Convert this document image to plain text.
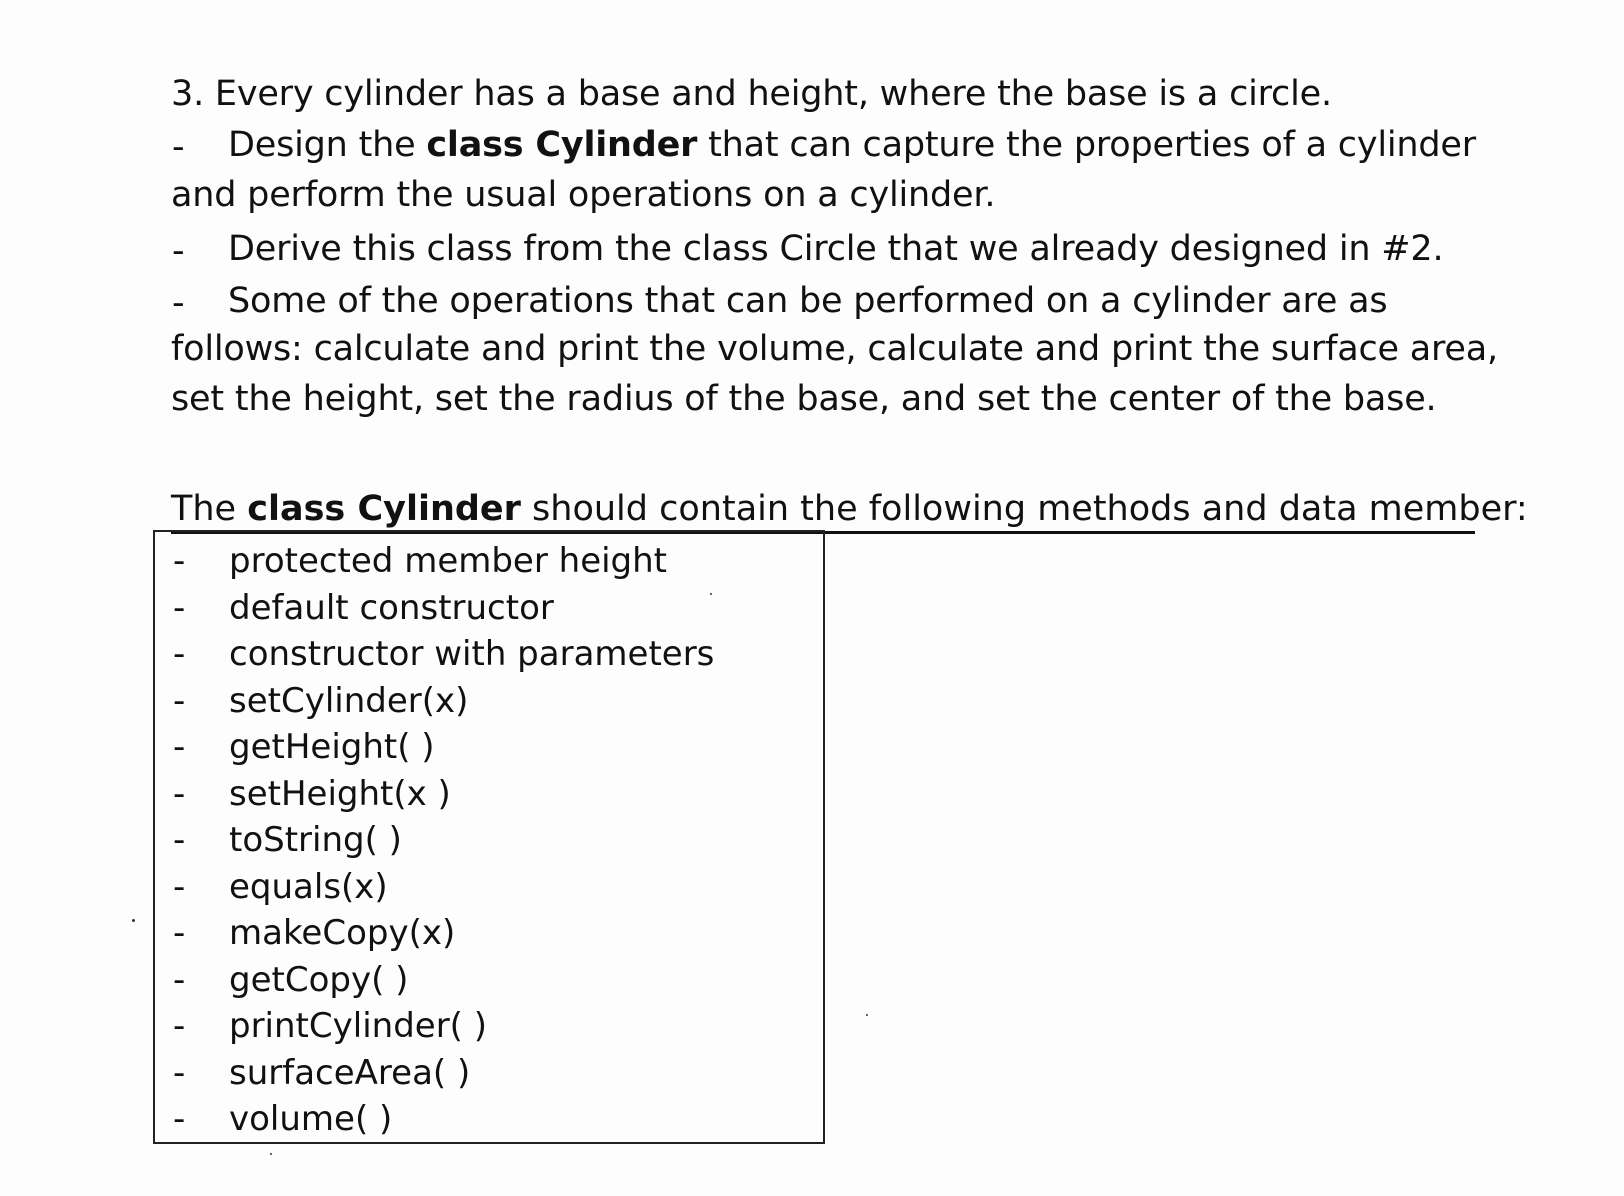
3. Every cylinder has a base and height, where the base is a circle.
- Design the class Cylinder that can capture the properties of a cylinder
and perform the usual operations on a cylinder.
- Derive this class from the class Circle that we already designed in #2.
- Some of the operations that can be performed on a cylinder are as
follows: calculate and print the volume, calculate and print the surface area,
set the height, set the radius of the base, and set the center of the base.
The class Cylinder should contain the following methods and data member:
- protected member height
- default constructor
- constructor with parameters
- setCylinder(x)
- getHeight( )
- setHeight(x )
- toString( )
- equals(x)
- makeCopy(x)
- getCopy( )
- printCylinder( )
- surfaceArea( )
- volume( )
